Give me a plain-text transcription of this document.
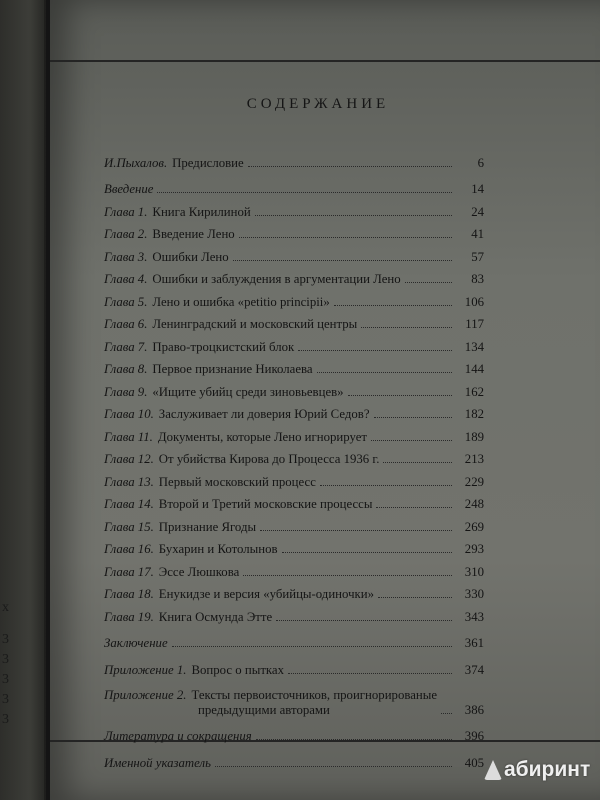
х
3
3
3
3
3
СОДЕРЖАНИЕ
И.Пыхалов. Предисловие	6
Введение	14
Глава 1. Книга Кирилиной	24
Глава 2. Введение Лено	41
Глава 3. Ошибки Лено	57
Глава 4. Ошибки и заблуждения в аргументации Лено	83
Глава 5. Лено и ошибка «petitio principii»	106
Глава 6. Ленинградский и московский центры	117
Глава 7. Право-троцкистский блок	134
Глава 8. Первое признание Николаева	144
Глава 9. «Ищите убийц среди зиновьевцев»	162
Глава 10. Заслуживает ли доверия Юрий Седов?	182
Глава 11. Документы, которые Лено игнорирует	189
Глава 12. От убийства Кирова до Процесса 1936 г.	213
Глава 13. Первый московский процесс	229
Глава 14. Второй и Третий московские процессы	248
Глава 15. Признание Ягоды	269
Глава 16. Бухарин и Котолынов	293
Глава 17. Эссе Люшкова	310
Глава 18. Енукидзе и версия «убийцы-одиночки»	330
Глава 19. Книга Осмунда Этте	343
Заключение	361
Приложение 1. Вопрос о пытках	374
Приложение 2. Тексты первоисточников, проигнорированые
предыдущими авторами	386
Литература и сокращения	396
Именной указатель	405 абиринт
